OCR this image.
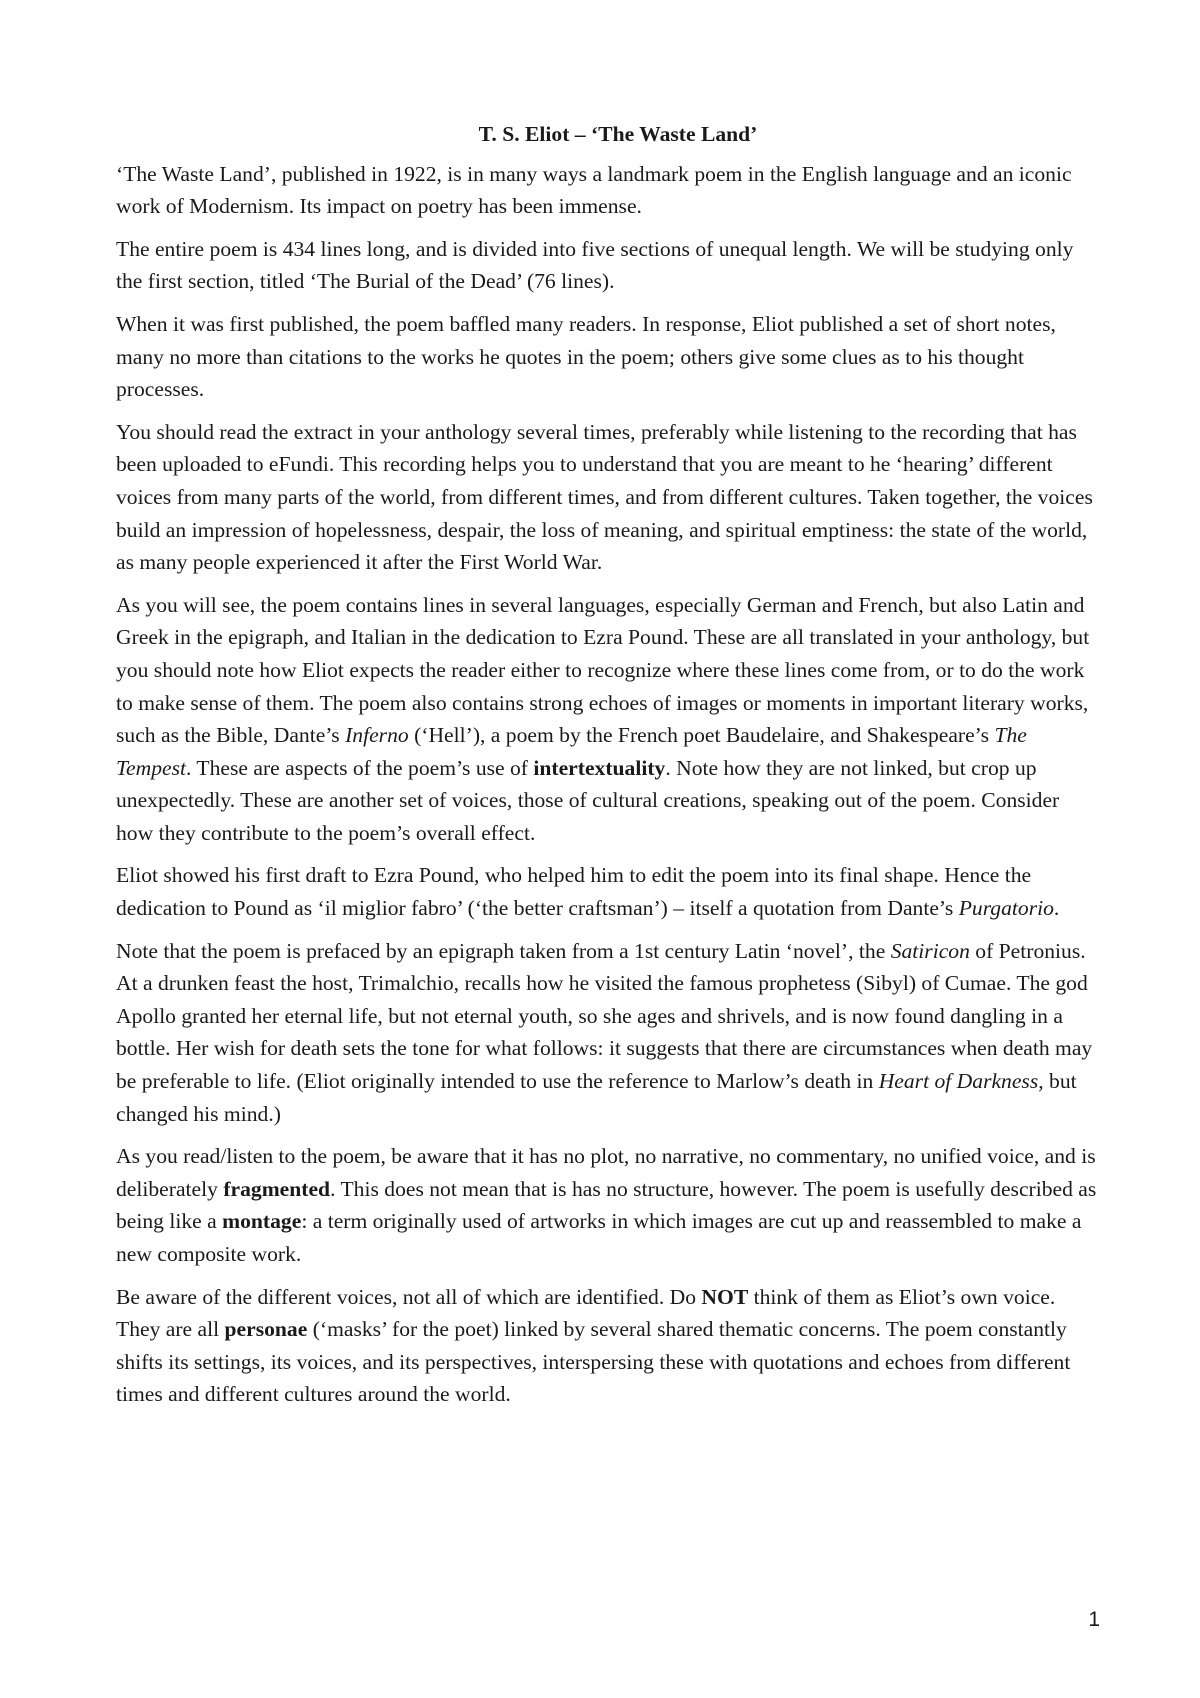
T. S. Eliot – ‘The Waste Land’

‘The Waste Land’, published in 1922, is in many ways a landmark poem in the English language and an iconic work of Modernism. Its impact on poetry has been immense.

The entire poem is 434 lines long, and is divided into five sections of unequal length. We will be studying only the first section, titled ‘The Burial of the Dead’ (76 lines).

When it was first published, the poem baffled many readers. In response, Eliot published a set of short notes, many no more than citations to the works he quotes in the poem; others give some clues as to his thought processes.

You should read the extract in your anthology several times, preferably while listening to the recording that has been uploaded to eFundi. This recording helps you to understand that you are meant to he ‘hearing’ different voices from many parts of the world, from different times, and from different cultures. Taken together, the voices build an impression of hopelessness, despair, the loss of meaning, and spiritual emptiness: the state of the world, as many people experienced it after the First World War.

As you will see, the poem contains lines in several languages, especially German and French, but also Latin and Greek in the epigraph, and Italian in the dedication to Ezra Pound. These are all translated in your anthology, but you should note how Eliot expects the reader either to recognize where these lines come from, or to do the work to make sense of them. The poem also contains strong echoes of images or moments in important literary works, such as the Bible, Dante’s Inferno (‘Hell’), a poem by the French poet Baudelaire, and Shakespeare’s The Tempest. These are aspects of the poem’s use of intertextuality. Note how they are not linked, but crop up unexpectedly. These are another set of voices, those of cultural creations, speaking out of the poem. Consider how they contribute to the poem’s overall effect.

Eliot showed his first draft to Ezra Pound, who helped him to edit the poem into its final shape. Hence the dedication to Pound as ‘il miglior fabro’ (‘the better craftsman’) – itself a quotation from Dante’s Purgatorio.

Note that the poem is prefaced by an epigraph taken from a 1st century Latin ‘novel’, the Satiricon of Petronius. At a drunken feast the host, Trimalchio, recalls how he visited the famous prophetess (Sibyl) of Cumae. The god Apollo granted her eternal life, but not eternal youth, so she ages and shrivels, and is now found dangling in a bottle. Her wish for death sets the tone for what follows: it suggests that there are circumstances when death may be preferable to life. (Eliot originally intended to use the reference to Marlow’s death in Heart of Darkness, but changed his mind.)

As you read/listen to the poem, be aware that it has no plot, no narrative, no commentary, no unified voice, and is deliberately fragmented. This does not mean that is has no structure, however. The poem is usefully described as being like a montage: a term originally used of artworks in which images are cut up and reassembled to make a new composite work.

Be aware of the different voices, not all of which are identified. Do NOT think of them as Eliot’s own voice. They are all personae (‘masks’ for the poet) linked by several shared thematic concerns. The poem constantly shifts its settings, its voices, and its perspectives, interspersing these with quotations and echoes from different times and different cultures around the world.

1
